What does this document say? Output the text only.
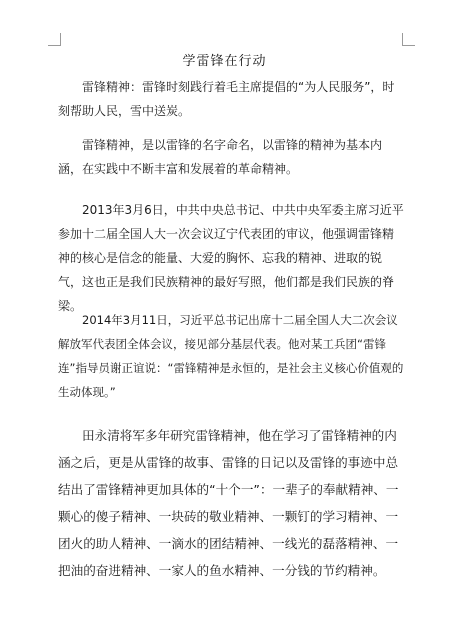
学雷锋在行动
雷锋精神：雷锋时刻践行着毛主席提倡的“为人民服务”，时刻帮助人民，雪中送炭。
雷锋精神，是以雷锋的名字命名，以雷锋的精神为基本内涵，在实践中不断丰富和发展着的革命精神。
2013年3月6日，中共中央总书记、中共中央军委主席习近平参加十二届全国人大一次会议辽宁代表团的审议，他强调雷锋精神的核心是信念的能量、大爱的胸怀、忘我的精神、进取的锐气，这也正是我们民族精神的最好写照，他们都是我们民族的脊梁。
2014年3月11日，习近平总书记出席十二届全国人大二次会议解放军代表团全体会议，接见部分基层代表。他对某工兵团“雷锋连”指导员谢正谊说：“雷锋精神是永恒的，是社会主义核心价值观的生动体现。”
田永清将军多年研究雷锋精神，他在学习了雷锋精神的内涵之后，更是从雷锋的故事、雷锋的日记以及雷锋的事迹中总结出了雷锋精神更加具体的“十个一”：一辈子的奉献精神、一颗心的傻子精神、一块砖的敬业精神、一颗钉的学习精神、一团火的助人精神、一滴水的团结精神、一线光的磊落精神、一把油的奋进精神、一家人的鱼水精神、一分钱的节约精神。
